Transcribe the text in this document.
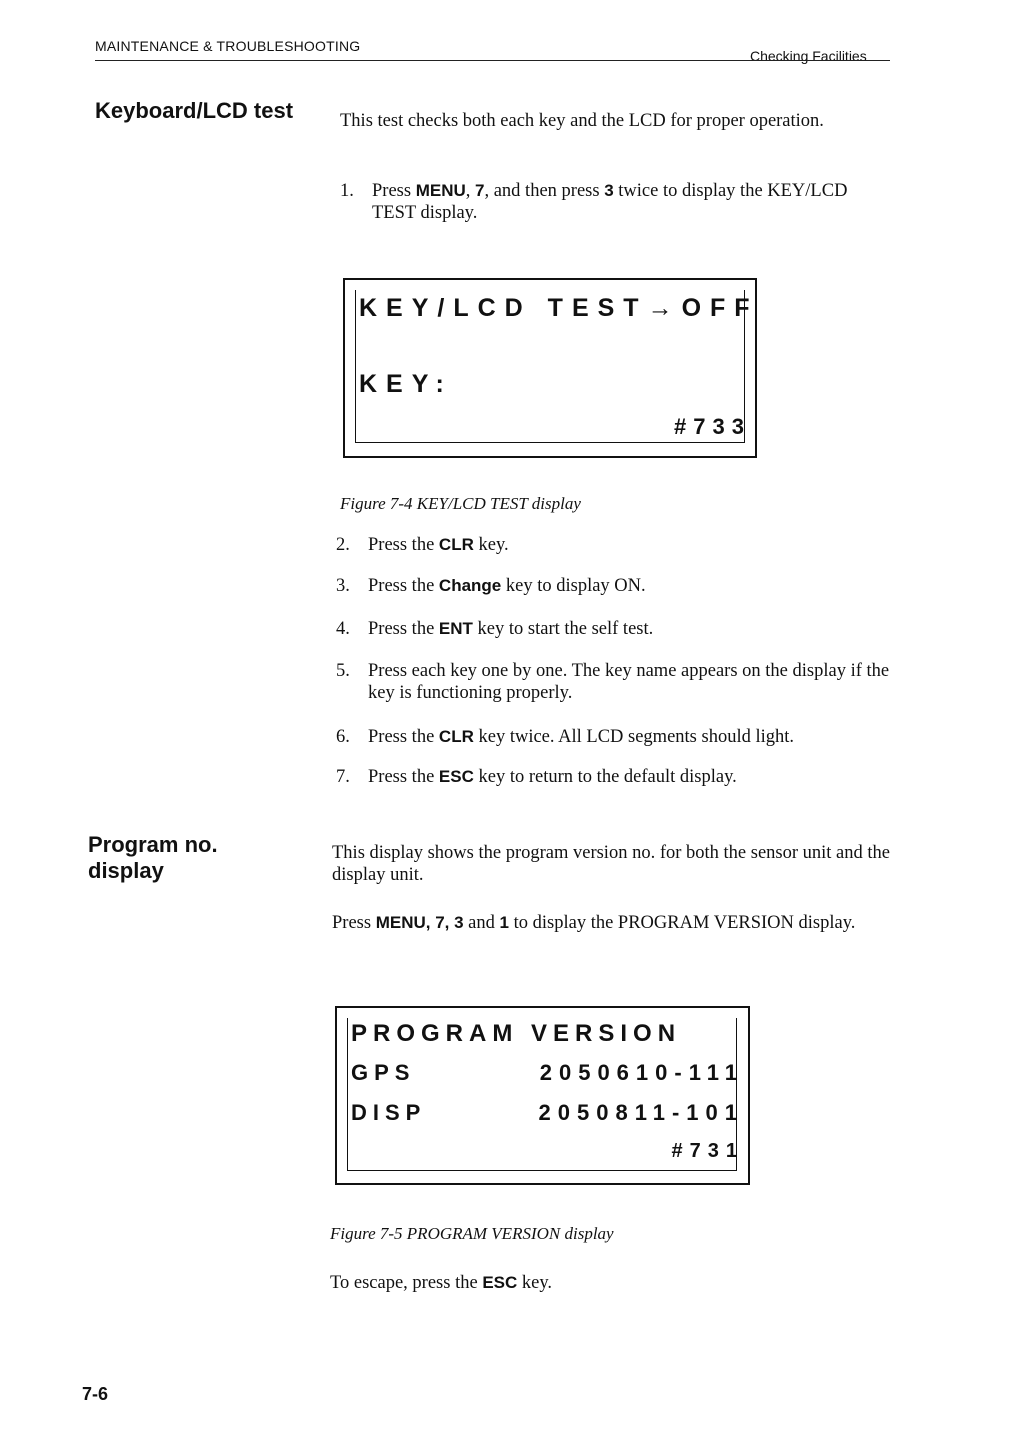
MAINTENANCE & TROUBLESHOOTING
Checking Facilities
Keyboard/LCD test	This test checks both each key and the LCD for proper operation.
1. Press MENU, 7, and then press 3 twice to display the KEY/LCD TEST display.
KEY/LCD TEST→OFF
KEY:
#733
Figure 7-4 KEY/LCD TEST display
2. Press the CLR key.
3. Press the Change key to display ON.
4. Press the ENT key to start the self test.
5. Press each key one by one. The key name appears on the display if the key is functioning properly.
6. Press the CLR key twice. All LCD segments should light.
7. Press the ESC key to return to the default display.
Program no.
display
This display shows the program version no. for both the sensor unit and the display unit.
Press MENU, 7, 3 and 1 to display the PROGRAM VERSION display.
PROGRAM VERSION
GPS	2050610-111
DISP	2050811-101
#731
Figure 7-5 PROGRAM VERSION display
To escape, press the ESC key.
7-6
